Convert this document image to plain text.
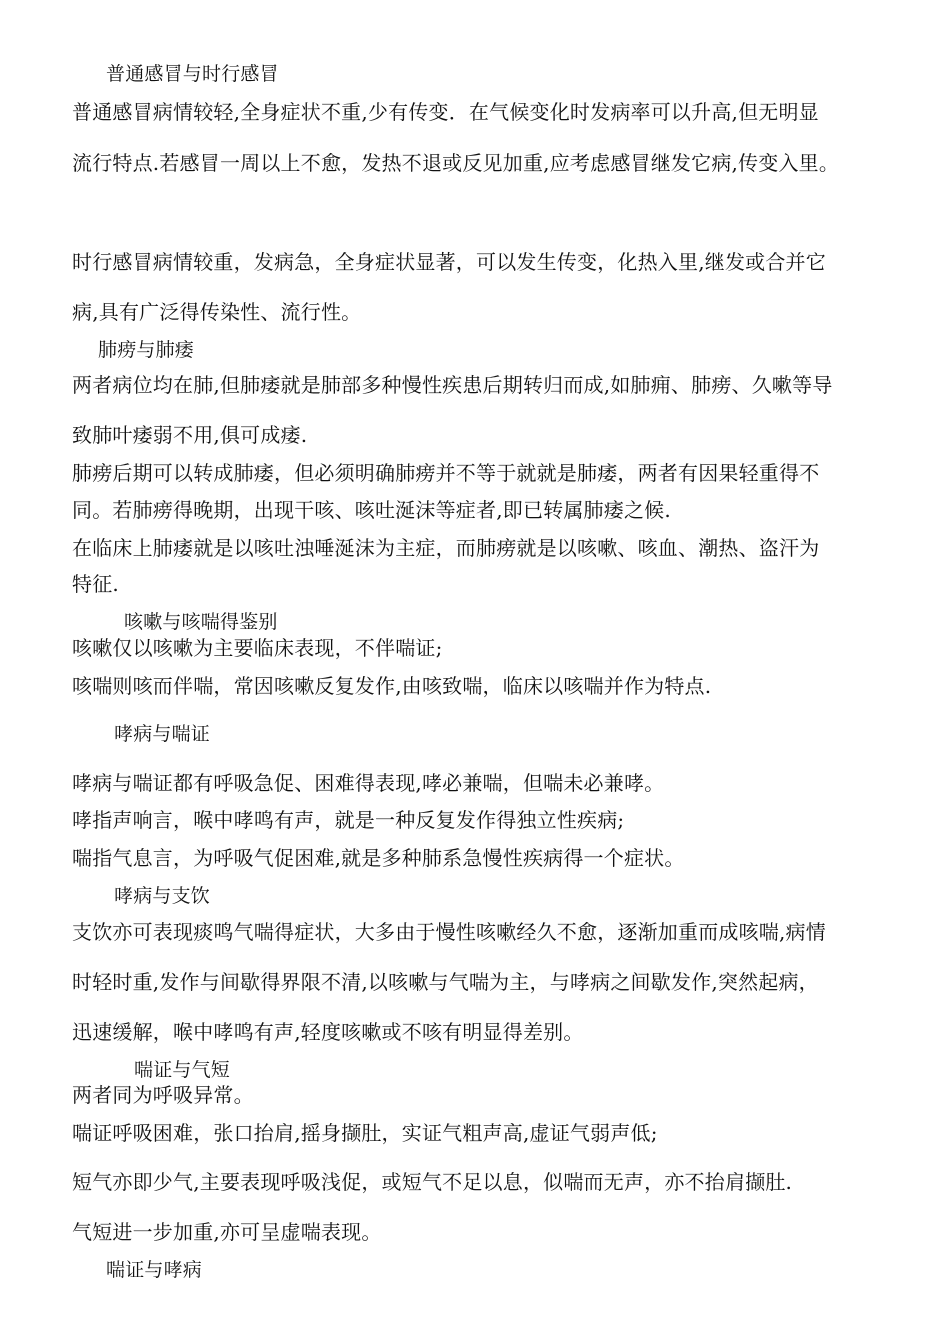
普通感冒与时行感冒
普通感冒病情较轻,全身症状不重,少有传变．在气候变化时发病率可以升高,但无明显
流行特点.若感冒一周以上不愈，发热不退或反见加重,应考虑感冒继发它病,传变入里。
时行感冒病情较重，发病急，全身症状显著，可以发生传变，化热入里,继发或合并它
病,具有广泛得传染性、流行性。
肺痨与肺痿
两者病位均在肺,但肺痿就是肺部多种慢性疾患后期转归而成,如肺痈、肺痨、久嗽等导
致肺叶痿弱不用,俱可成痿.
肺痨后期可以转成肺痿，但必须明确肺痨并不等于就就是肺痿，两者有因果轻重得不
同。若肺痨得晚期，出现干咳、咳吐涎沫等症者,即已转属肺痿之候.
在临床上肺痿就是以咳吐浊唾涎沫为主症，而肺痨就是以咳嗽、咳血、潮热、盗汗为
特征.
咳嗽与咳喘得鉴别
咳嗽仅以咳嗽为主要临床表现，不伴喘证;
咳喘则咳而伴喘，常因咳嗽反复发作,由咳致喘，临床以咳喘并作为特点.
哮病与喘证
哮病与喘证都有呼吸急促、困难得表现,哮必兼喘，但喘未必兼哮。
哮指声响言，喉中哮鸣有声，就是一种反复发作得独立性疾病;
喘指气息言，为呼吸气促困难,就是多种肺系急慢性疾病得一个症状。
哮病与支饮
支饮亦可表现痰鸣气喘得症状，大多由于慢性咳嗽经久不愈，逐渐加重而成咳喘,病情
时轻时重,发作与间歇得界限不清,以咳嗽与气喘为主，与哮病之间歇发作,突然起病，
迅速缓解，喉中哮鸣有声,轻度咳嗽或不咳有明显得差别。
喘证与气短
两者同为呼吸异常。
喘证呼吸困难，张口抬肩,摇身撷肚，实证气粗声高,虚证气弱声低;
短气亦即少气,主要表现呼吸浅促，或短气不足以息，似喘而无声，亦不抬肩撷肚.
气短进一步加重,亦可呈虚喘表现。
喘证与哮病
